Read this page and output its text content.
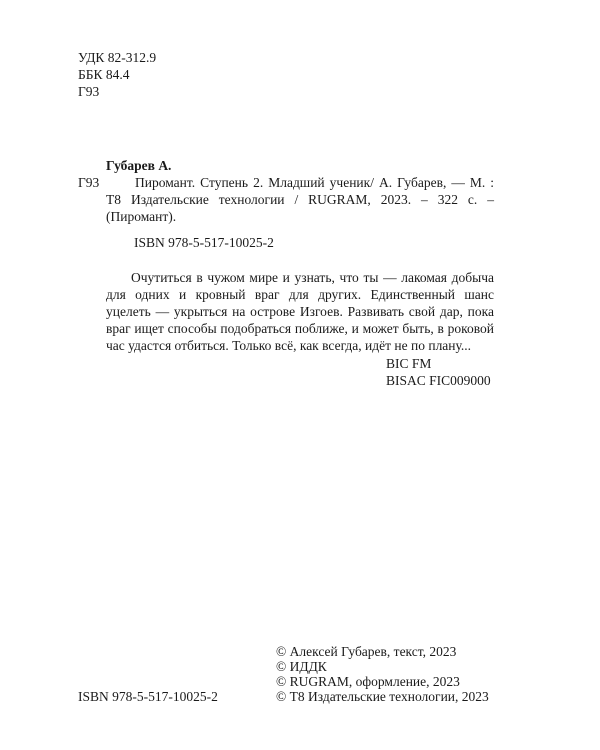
УДК 82-312.9
ББК 84.4
Г93
Губарев А.
Г93	Пиромант. Ступень 2. Младший ученик/ А. Губарев, — М. : Т8 Издательские технологии / RUGRAM, 2023. – 322 с. – (Пиромант).

ISBN 978-5-517-10025-2

Очутиться в чужом мире и узнать, что ты — лакомая добыча для одних и кровный враг для других. Единственный шанс уцелеть — укрыться на острове Изгоев. Развивать свой дар, пока враг ищет способы подобраться поближе, и может быть, в роковой час удастся отбиться. Только всё, как всегда, идёт не по плану...

BIC FM
BISAC FIC009000
© Алексей Губарев, текст, 2023
© ИДДК
© RUGRAM, оформление, 2023
© Т8 Издательские технологии, 2023
ISBN 978-5-517-10025-2
